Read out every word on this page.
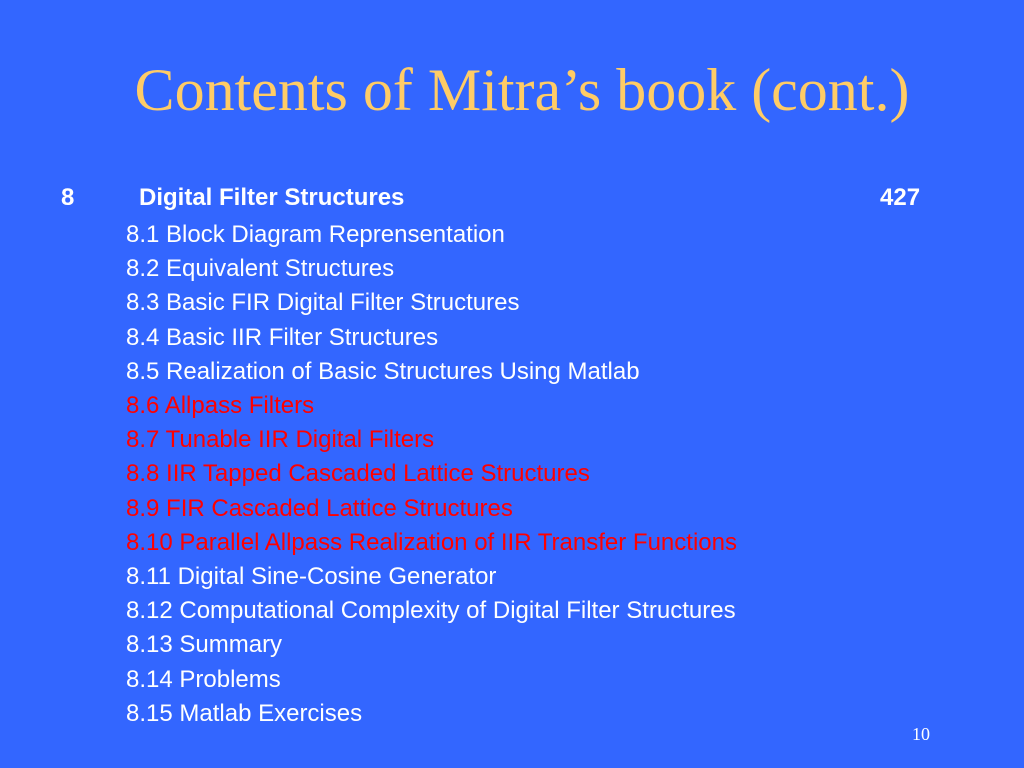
Contents of Mitra’s book (cont.)
8	Digital Filter Structures	427
8.1 Block Diagram Reprensentation
8.2 Equivalent Structures
8.3 Basic FIR Digital Filter Structures
8.4 Basic IIR Filter Structures
8.5 Realization of Basic Structures Using Matlab
8.6 Allpass Filters
8.7 Tunable IIR Digital Filters
8.8 IIR Tapped Cascaded Lattice Structures
8.9 FIR Cascaded Lattice Structures
8.10 Parallel Allpass Realization of IIR Transfer Functions
8.11 Digital Sine-Cosine Generator
8.12 Computational Complexity of Digital Filter Structures
8.13 Summary
8.14 Problems
8.15 Matlab Exercises
10
